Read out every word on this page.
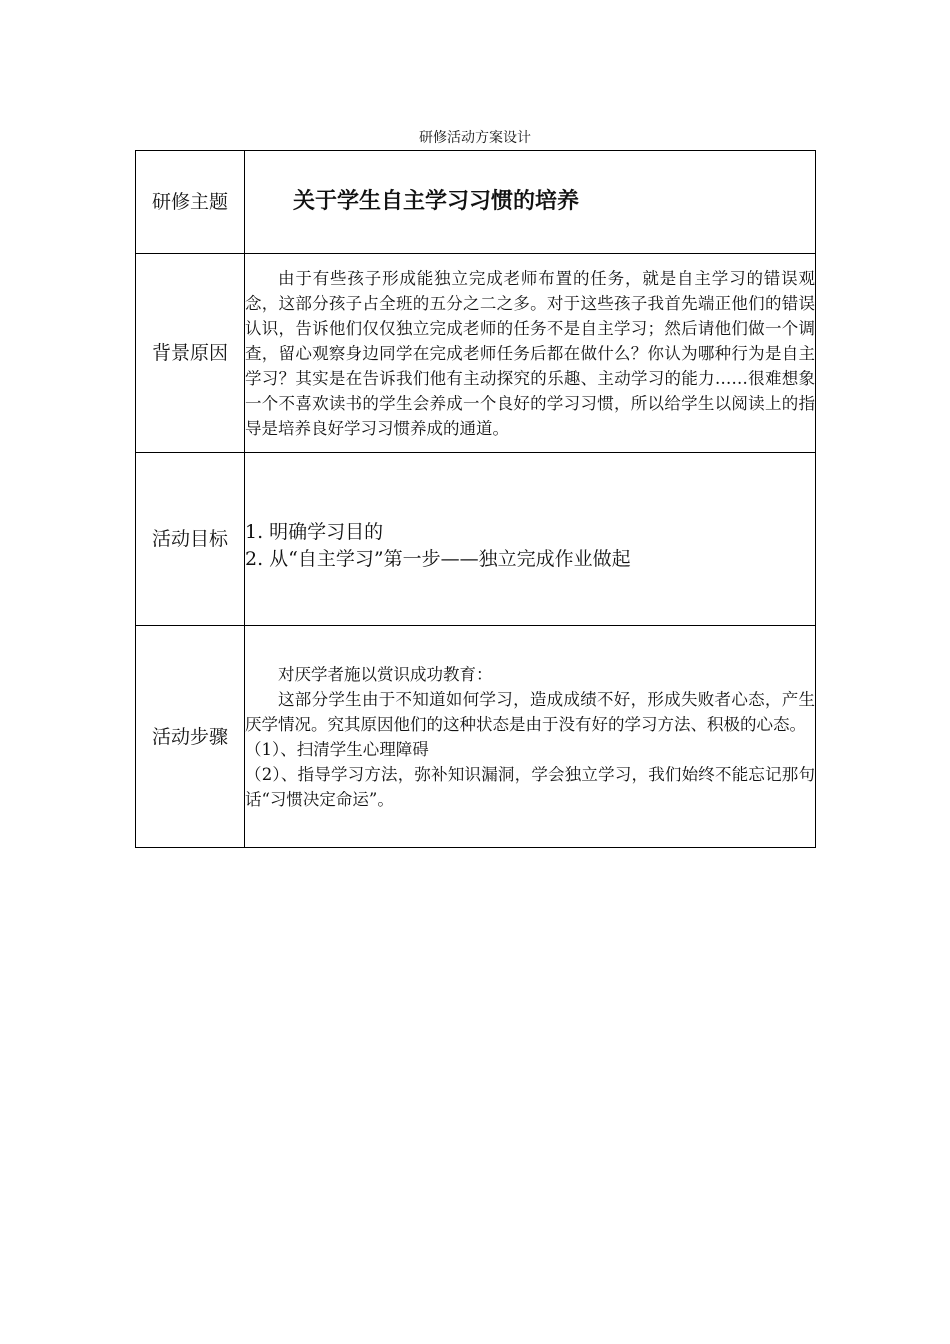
研修活动方案设计
研修主题	关于学生自主学习习惯的培养

背景原因	由于有些孩子形成能独立完成老师布置的任务，就是自主学习的错误观念，这部分孩子占全班的五分之二之多。对于这些孩子我首先端正他们的错误认识，告诉他们仅仅独立完成老师的任务不是自主学习；然后请他们做一个调查，留心观察身边同学在完成老师任务后都在做什么？你认为哪种行为是自主学习？其实是在告诉我们他有主动探究的乐趣、主动学习的能力……很难想象一个不喜欢读书的学生会养成一个良好的学习习惯，所以给学生以阅读上的指导是培养良好学习习惯养成的通道。

活动目标	1. 明确学习目的
2. 从“自主学习”第一步——独立完成作业做起

活动步骤	对厌学者施以赏识成功教育：

这部分学生由于不知道如何学习，造成成绩不好，形成失败者心态，产生厌学情况。究其原因他们的这种状态是由于没有好的学习方法、积极的心态。

（1）、扫清学生心理障碍

（2）、指导学习方法，弥补知识漏洞，学会独立学习，我们始终不能忘记那句话“习惯决定命运”。
